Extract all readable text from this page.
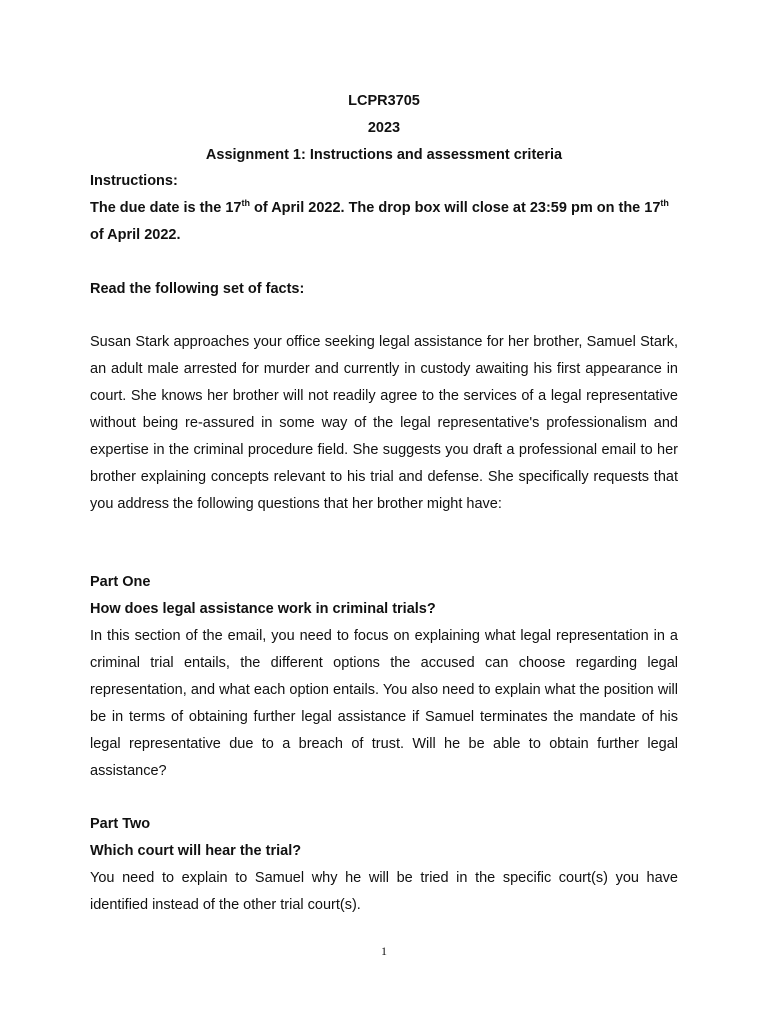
LCPR3705
2023
Assignment 1: Instructions and assessment criteria
Instructions:
The due date is the 17th of April 2022. The drop box will close at 23:59 pm on the 17th of April 2022.
Read the following set of facts:
Susan Stark approaches your office seeking legal assistance for her brother, Samuel Stark, an adult male arrested for murder and currently in custody awaiting his first appearance in court. She knows her brother will not readily agree to the services of a legal representative without being re-assured in some way of the legal representative's professionalism and expertise in the criminal procedure field. She suggests you draft a professional email to her brother explaining concepts relevant to his trial and defense. She specifically requests that you address the following questions that her brother might have:
Part One
How does legal assistance work in criminal trials?
In this section of the email, you need to focus on explaining what legal representation in a criminal trial entails, the different options the accused can choose regarding legal representation, and what each option entails. You also need to explain what the position will be in terms of obtaining further legal assistance if Samuel terminates the mandate of his legal representative due to a breach of trust. Will he be able to obtain further legal assistance?
Part Two
Which court will hear the trial?
You need to explain to Samuel why he will be tried in the specific court(s) you have identified instead of the other trial court(s).
1
